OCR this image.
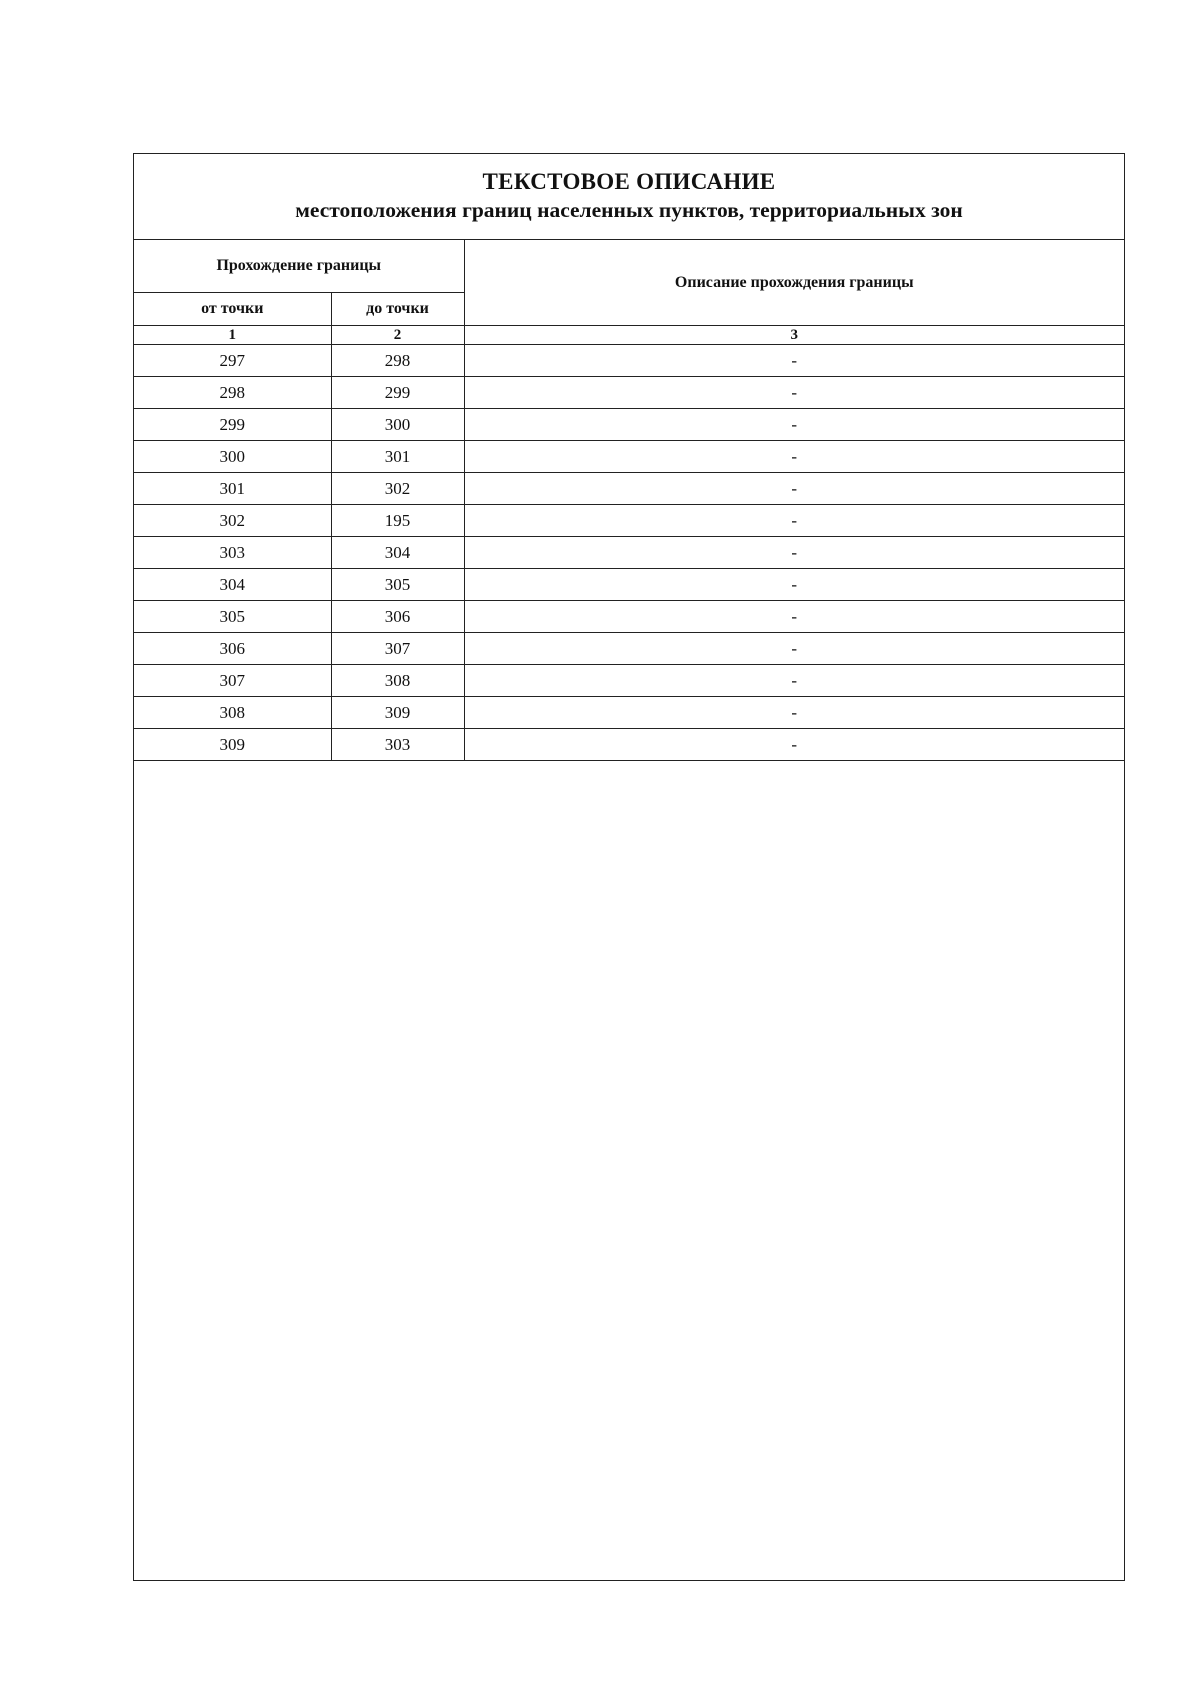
ТЕКСТОВОЕ ОПИСАНИЕ
местоположения границ населенных пунктов, территориальных зон
Прохождение границы		Описание прохождения границы
от точки	до точки	
1	2	3
297	298	-
298	299	-
299	300	-
300	301	-
301	302	-
302	195	-
303	304	-
304	305	-
305	306	-
306	307	-
307	308	-
308	309	-
309	303	-
